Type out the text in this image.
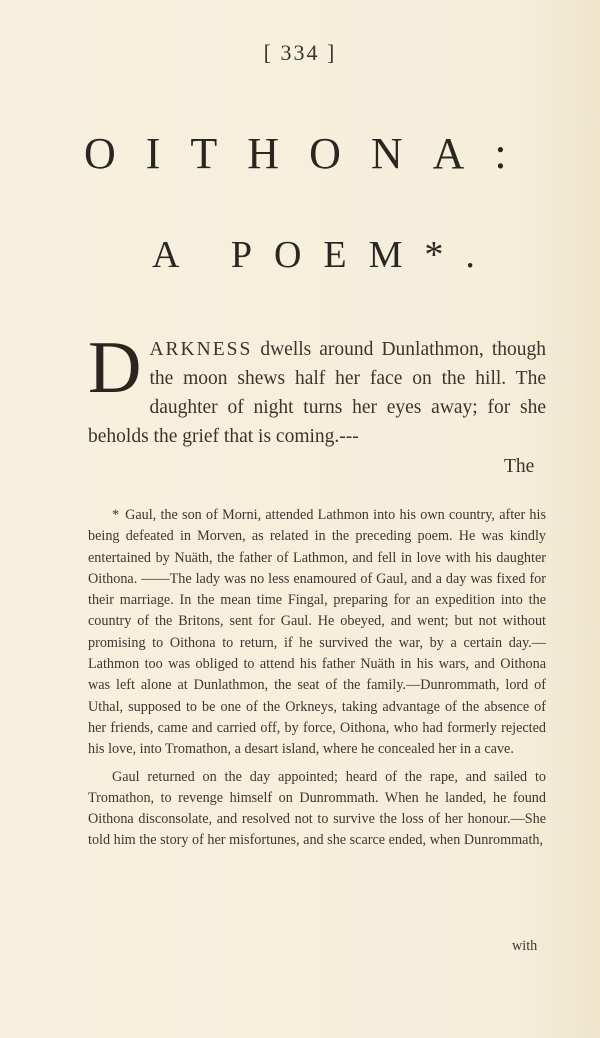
[ 334 ]
OITHONA:
A POEM*.
DARKNESS dwells around Dunlathmon, though the moon shews half her face on the hill. The daughter of night turns her eyes away; for she beholds the grief that is coming.---
The

* Gaul, the son of Morni, attended Lathmon into his own country, after his being defeated in Morven, as related in the preceding poem. He was kindly entertained by Nuäth, the father of Lathmon, and fell in love with his daughter Oithona. ——The lady was no less enamoured of Gaul, and a day was fixed for their marriage. In the mean time Fingal, preparing for an expedition into the country of the Britons, sent for Gaul. He obeyed, and went; but not without promising to Oithona to return, if he survived the war, by a certain day.—Lathmon too was obliged to attend his father Nuäth in his wars, and Oithona was left alone at Dunlathmon, the seat of the family.—Dunrommath, lord of Uthal, supposed to be one of the Orkneys, taking advantage of the absence of her friends, came and carried off, by force, Oithona, who had formerly rejected his love, into Tromathon, a desart island, where he concealed her in a cave.

Gaul returned on the day appointed; heard of the rape, and sailed to Tromathon, to revenge himself on Dunrommath. When he landed, he found Oithona disconsolate, and resolved not to survive the loss of her honour.—She told him the story of her misfortunes, and she scarce ended, when Dunrommath,

with
